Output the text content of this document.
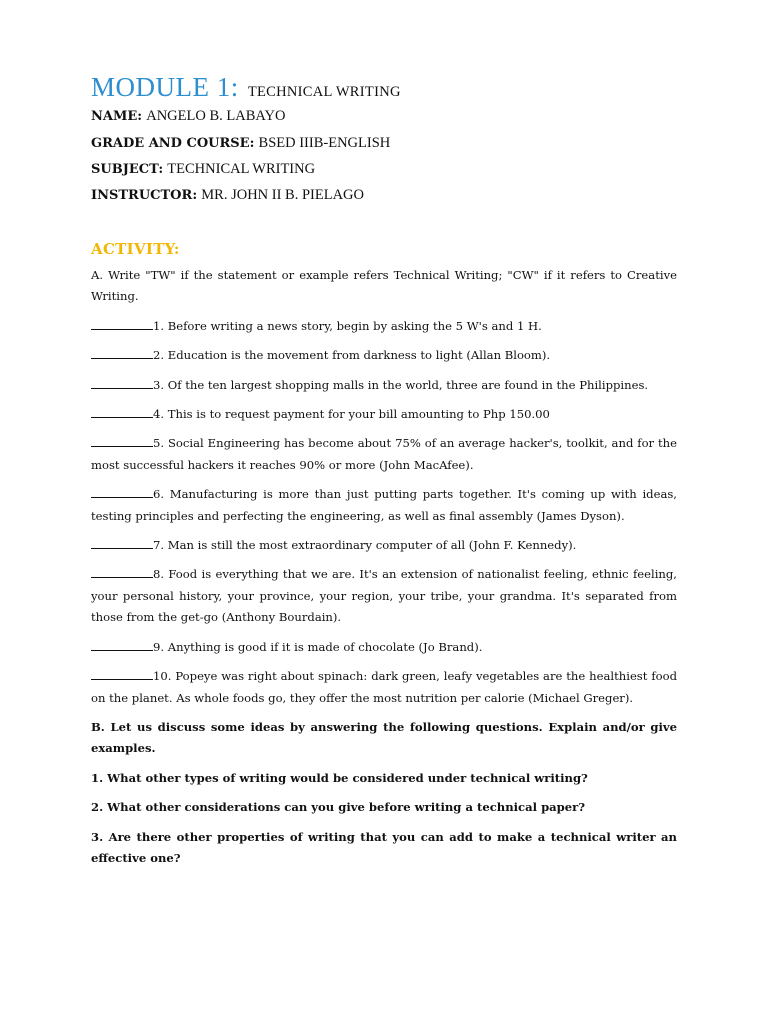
MODULE 1: TECHNICAL WRITING
NAME: ANGELO B. LABAYO
GRADE AND COURSE: BSED IIIB-ENGLISH
SUBJECT: TECHNICAL WRITING
INSTRUCTOR: MR. JOHN II B. PIELAGO
ACTIVITY:

A. Write "TW" if the statement or example refers Technical Writing; "CW" if it refers to Creative Writing.

1. Before writing a news story, begin by asking the 5 W's and 1 H.

2. Education is the movement from darkness to light (Allan Bloom).

3. Of the ten largest shopping malls in the world, three are found in the Philippines.

4. This is to request payment for your bill amounting to Php 150.00

5. Social Engineering has become about 75% of an average hacker's, toolkit, and for the most successful hackers it reaches 90% or more (John MacAfee).

6. Manufacturing is more than just putting parts together. It's coming up with ideas, testing principles and perfecting the engineering, as well as final assembly (James Dyson).

7. Man is still the most extraordinary computer of all (John F. Kennedy).

8. Food is everything that we are. It's an extension of nationalist feeling, ethnic feeling, your personal history, your province, your region, your tribe, your grandma. It's separated from those from the get-go (Anthony Bourdain).

9. Anything is good if it is made of chocolate (Jo Brand).

10. Popeye was right about spinach: dark green, leafy vegetables are the healthiest food on the planet. As whole foods go, they offer the most nutrition per calorie (Michael Greger).

B. Let us discuss some ideas by answering the following questions. Explain and/or give examples.

1. What other types of writing would be considered under technical writing?

2. What other considerations can you give before writing a technical paper?

3. Are there other properties of writing that you can add to make a technical writer an effective one?
